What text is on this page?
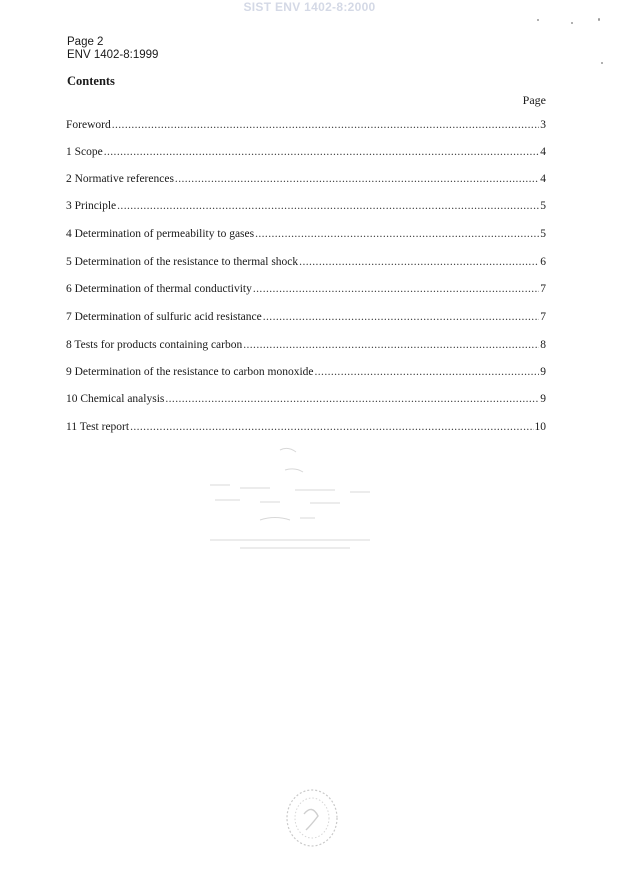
SIST ENV 1402-8:2000
Page 2
ENV 1402-8:1999
Contents
Page
Foreword .....	3
1 Scope .....	4
2 Normative references .....	4
3 Principle .....	5
4 Determination of permeability to gases .....	5
5 Determination of the resistance to thermal shock .....	6
6 Determination of thermal conductivity .....	7
7 Determination of sulfuric acid resistance .....	7
8 Tests for products containing carbon .....	8
9 Determination of the resistance to carbon monoxide .....	9
10 Chemical analysis .....	9
11 Test report .....	10
